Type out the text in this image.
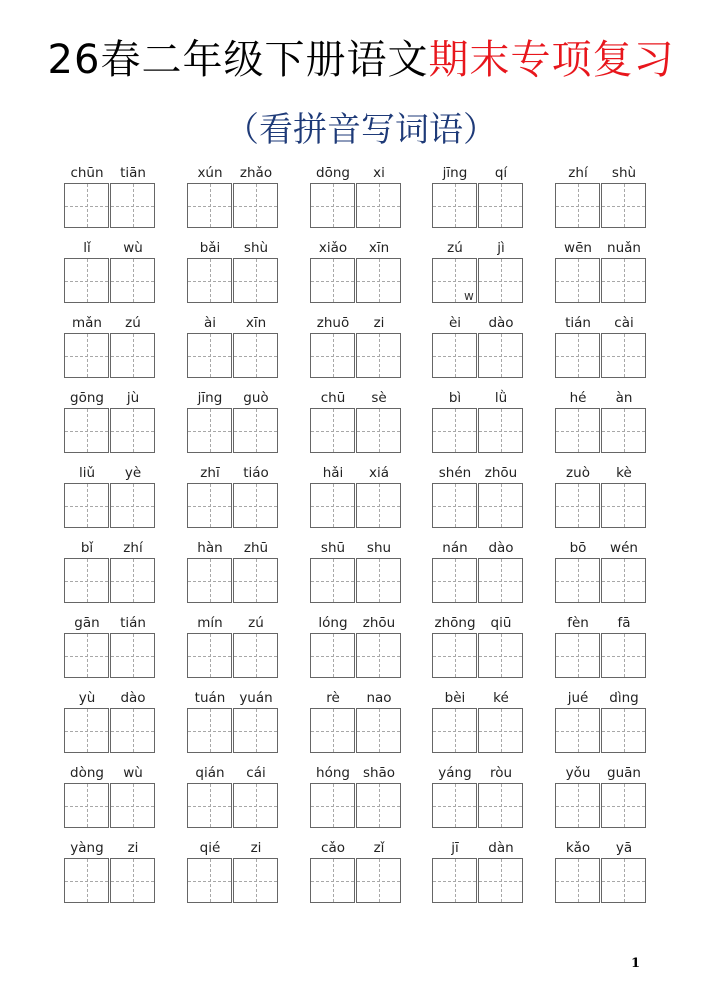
26春二年级下册语文期末专项复习
（看拼音写词语）
chūn	tiān	xún	zhǎo	dōng	xi	jīng	qí	zhí	shù
lǐ	wù	bǎi	shù	xiǎo	xīn	zú	jì	wēn	nuǎn
mǎn	zú	ài	xīn	zhuō	zi	èi	dào	tián	cài
gōng	jù	jīng	guò	chū	sè	bì	lǜ	hé	àn
liǔ	yè	zhī	tiáo	hǎi	xiá	shén	zhōu	zuò	kè
bǐ	zhí	hàn	zhū	shū	shu	nán	dào	bō	wén
gān	tián	mín	zú	lóng	zhōu	zhōng	qiū	fèn	fā
yù	dào	tuán	yuán	rè	nao	bèi	ké	jué	dìng
dòng	wù	qián	cái	hóng shāo	yáng	ròu	yǒu	guān
yàng	zi	qié	zi	cǎo	zǐ	jī	dàn	kǎo	yā
w
1
